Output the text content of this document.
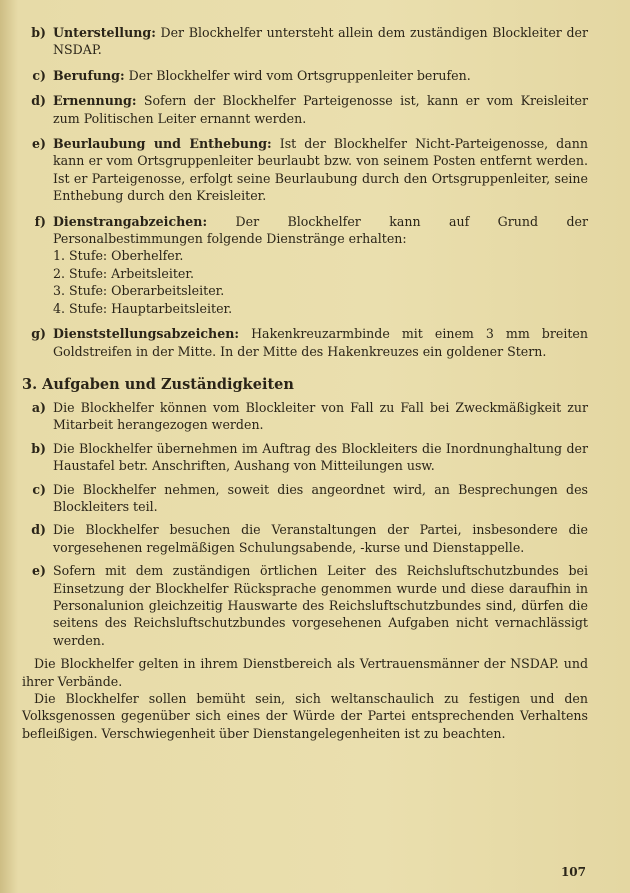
b) Unterstellung: Der Blockhelfer untersteht allein dem zuständigen Blockleiter der NSDAP.
c) Berufung: Der Blockhelfer wird vom Ortsgruppenleiter berufen.
d) Ernennung: Sofern der Blockhelfer Parteigenosse ist, kann er vom Kreisleiter zum Politischen Leiter ernannt werden.
e) Beurlaubung und Enthebung: Ist der Blockhelfer Nicht-Parteigenosse, dann kann er vom Ortsgruppenleiter beurlaubt bzw. von seinem Posten entfernt werden. Ist er Parteigenosse, erfolgt seine Beurlaubung durch den Ortsgruppenleiter, seine Enthebung durch den Kreisleiter.
f) Dienstrangabzeichen: Der Blockhelfer kann auf Grund der Personalbestimmungen folgende Dienstränge erhalten:
1. Stufe: Oberhelfer.
2. Stufe: Arbeitsleiter.
3. Stufe: Oberarbeitsleiter.
4. Stufe: Hauptarbeitsleiter.
g) Dienststellungsabzeichen: Hakenkreuzarmbinde mit einem 3 mm breiten Goldstreifen in der Mitte. In der Mitte des Hakenkreuzes ein goldener Stern.
3. Aufgaben und Zuständigkeiten
a) Die Blockhelfer können vom Blockleiter von Fall zu Fall bei Zweckmäßigkeit zur Mitarbeit herangezogen werden.
b) Die Blockhelfer übernehmen im Auftrag des Blockleiters die Inordnunghaltung der Haustafel betr. Anschriften, Aushang von Mitteilungen usw.
c) Die Blockhelfer nehmen, soweit dies angeordnet wird, an Besprechungen des Blockleiters teil.
d) Die Blockhelfer besuchen die Veranstaltungen der Partei, insbesondere die vorgesehenen regelmäßigen Schulungsabende, -kurse und Dienstappelle.
e) Sofern mit dem zuständigen örtlichen Leiter des Reichsluftschutzbundes bei Einsetzung der Blockhelfer Rücksprache genommen wurde und diese daraufhin in Personalunion gleichzeitig Hauswarte des Reichsluftschutzbundes sind, dürfen die seitens des Reichsluftschutzbundes vorgesehenen Aufgaben nicht vernachlässigt werden.

Die Blockhelfer gelten in ihrem Dienstbereich als Vertrauensmänner der NSDAP. und ihrer Verbände.

Die Blockhelfer sollen bemüht sein, sich weltanschaulich zu festigen und den Volksgenossen gegenüber sich eines der Würde der Partei entsprechenden Verhaltens befleißigen. Verschwiegenheit über Dienstangelegenheiten ist zu beachten.

107
